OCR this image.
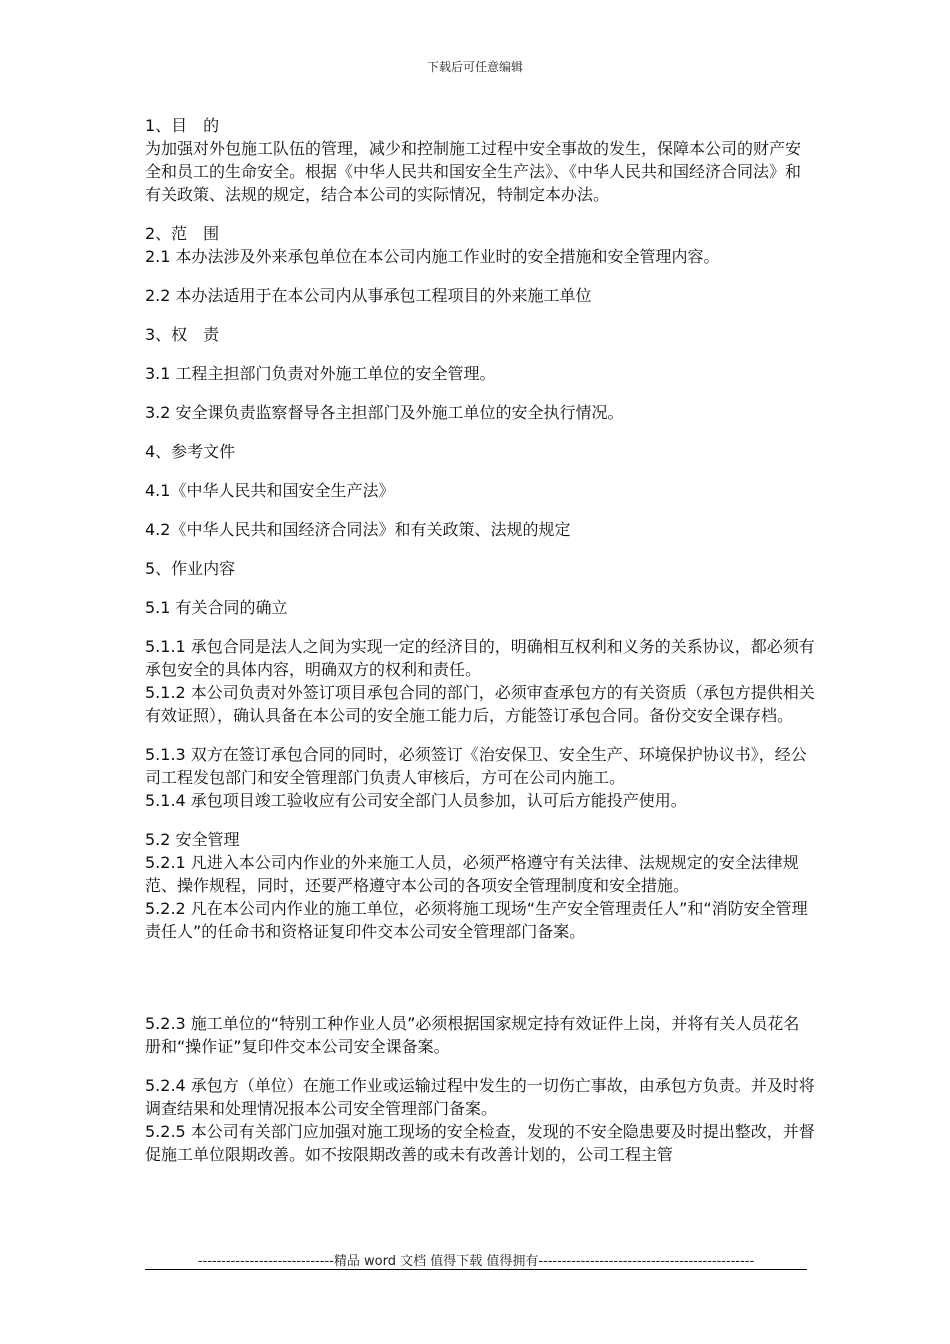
下载后可任意编辑

1、目　的

为加强对外包施工队伍的管理，减少和控制施工过程中安全事故的发生，保障本公司的财产安全和员工的生命安全。根据《中华人民共和国安全生产法》、《中华人民共和国经济合同法》和有关政策、法规的规定，结合本公司的实际情况，特制定本办法。

2、范　围

2.1 本办法涉及外来承包单位在本公司内施工作业时的安全措施和安全管理内容。

2.2 本办法适用于在本公司内从事承包工程项目的外来施工单位

3、权　责

3.1 工程主担部门负责对外施工单位的安全管理。

3.2 安全课负责监察督导各主担部门及外施工单位的安全执行情况。

4、参考文件

4.1《中华人民共和国安全生产法》

4.2《中华人民共和国经济合同法》和有关政策、法规的规定

5、作业内容

5.1 有关合同的确立

5.1.1 承包合同是法人之间为实现一定的经济目的，明确相互权利和义务的关系协议，都必须有承包安全的具体内容，明确双方的权利和责任。

5.1.2 本公司负责对外签订项目承包合同的部门，必须审查承包方的有关资质（承包方提供相关有效证照），确认具备在本公司的安全施工能力后，方能签订承包合同。备份交安全课存档。

5.1.3 双方在签订承包合同的同时，必须签订《治安保卫、安全生产、环境保护协议书》，经公司工程发包部门和安全管理部门负责人审核后，方可在公司内施工。

5.1.4 承包项目竣工验收应有公司安全部门人员参加，认可后方能投产使用。

5.2 安全管理

5.2.1 凡进入本公司内作业的外来施工人员，必须严格遵守有关法律、法规规定的安全法律规范、操作规程，同时，还要严格遵守本公司的各项安全管理制度和安全措施。

5.2.2 凡在本公司内作业的施工单位，必须将施工现场“生产安全管理责任人”和“消防安全管理责任人”的任命书和资格证复印件交本公司安全管理部门备案。

5.2.3 施工单位的“特别工种作业人员”必须根据国家规定持有效证件上岗，并将有关人员花名册和“操作证”复印件交本公司安全课备案。

5.2.4 承包方（单位）在施工作业或运输过程中发生的一切伤亡事故，由承包方负责。并及时将调查结果和处理情况报本公司安全管理部门备案。

5.2.5 本公司有关部门应加强对施工现场的安全检查，发现的不安全隐患要及时提出整改，并督促施工单位限期改善。如不按限期改善的或未有改善计划的，公司工程主管

-----------------------------精品 word 文档 值得下载 值得拥有----------------------------------------------
